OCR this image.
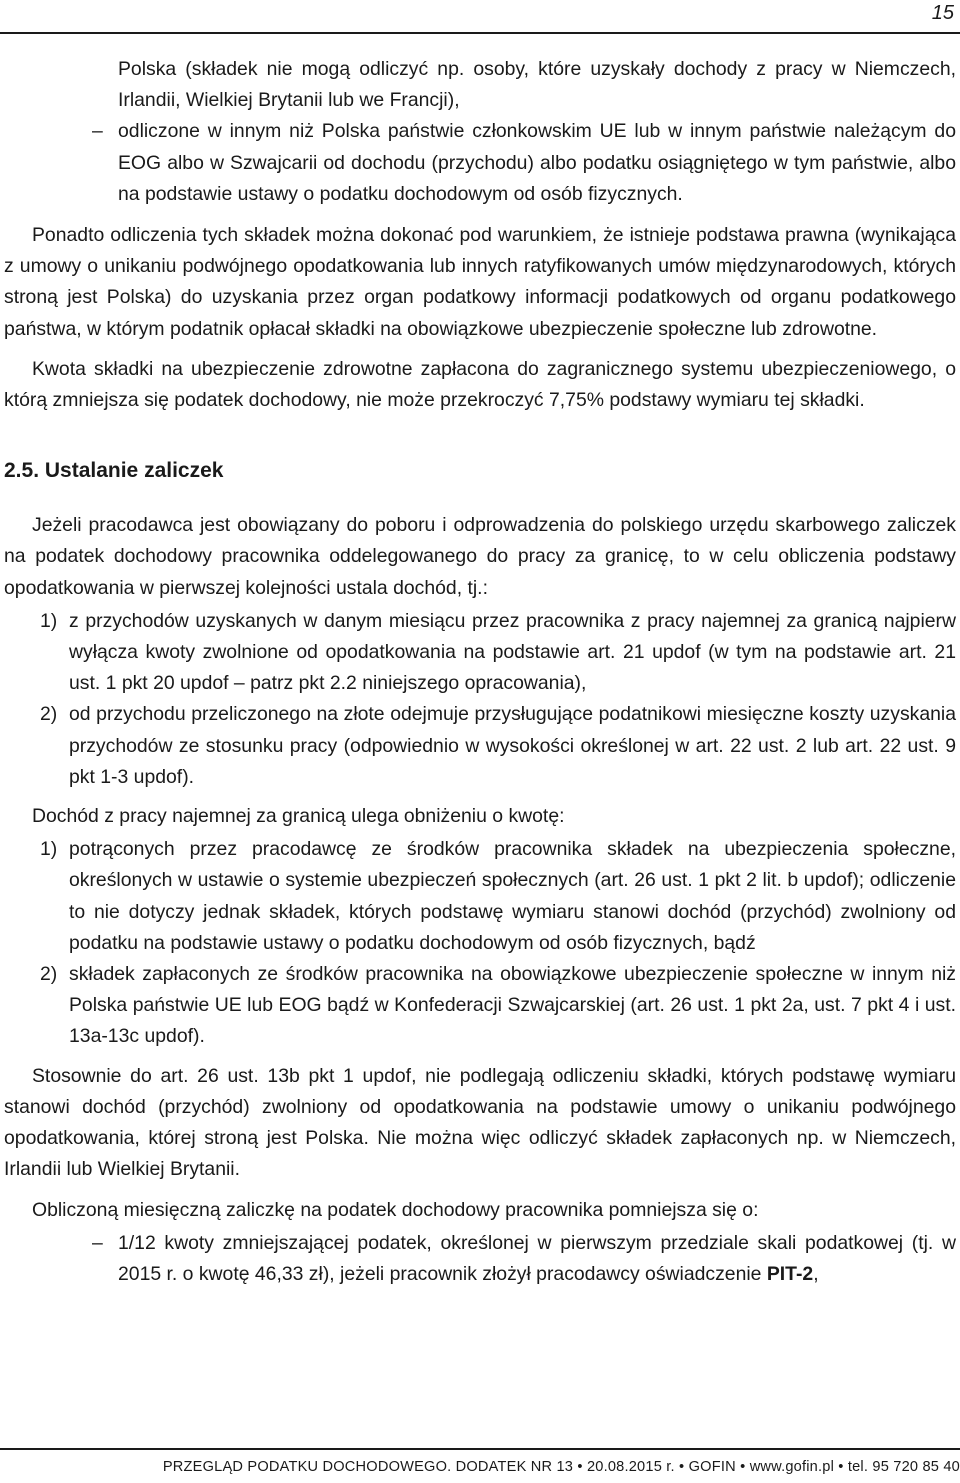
15

Polska (składek nie mogą odliczyć np. osoby, które uzyskały dochody z pracy w Niemczech, Irlandii, Wielkiej Brytanii lub we Francji),

– odliczone w innym niż Polska państwie członkowskim UE lub w innym państwie należącym do EOG albo w Szwajcarii od dochodu (przychodu) albo podatku osiągniętego w tym państwie, albo na podstawie ustawy o podatku dochodowym od osób fizycznych.

Ponadto odliczenia tych składek można dokonać pod warunkiem, że istnieje podstawa prawna (wynikająca z umowy o unikaniu podwójnego opodatkowania lub innych ratyfikowanych umów międzynarodowych, których stroną jest Polska) do uzyskania przez organ podatkowy informacji podatkowych od organu podatkowego państwa, w którym podatnik opłacał składki na obowiązkowe ubezpieczenie społeczne lub zdrowotne.

Kwota składki na ubezpieczenie zdrowotne zapłacona do zagranicznego systemu ubezpieczeniowego, o którą zmniejsza się podatek dochodowy, nie może przekroczyć 7,75% podstawy wymiaru tej składki.

2.5. Ustalanie zaliczek

Jeżeli pracodawca jest obowiązany do poboru i odprowadzenia do polskiego urzędu skarbowego zaliczek na podatek dochodowy pracownika oddelegowanego do pracy za granicę, to w celu obliczenia podstawy opodatkowania w pierwszej kolejności ustala dochód, tj.:

1) z przychodów uzyskanych w danym miesiącu przez pracownika z pracy najemnej za granicą najpierw wyłącza kwoty zwolnione od opodatkowania na podstawie art. 21 updof (w tym na podstawie art. 21 ust. 1 pkt 20 updof – patrz pkt 2.2 niniejszego opracowania),
2) od przychodu przeliczonego na złote odejmuje przysługujące podatnikowi miesięczne koszty uzyskania przychodów ze stosunku pracy (odpowiednio w wysokości określonej w art. 22 ust. 2 lub art. 22 ust. 9 pkt 1-3 updof).

Dochód z pracy najemnej za granicą ulega obniżeniu o kwotę:

1) potrąconych przez pracodawcę ze środków pracownika składek na ubezpieczenia społeczne, określonych w ustawie o systemie ubezpieczeń społecznych (art. 26 ust. 1 pkt 2 lit. b updof); odliczenie to nie dotyczy jednak składek, których podstawę wymiaru stanowi dochód (przychód) zwolniony od podatku na podstawie ustawy o podatku dochodowym od osób fizycznych, bądź
2) składek zapłaconych ze środków pracownika na obowiązkowe ubezpieczenie społeczne w innym niż Polska państwie UE lub EOG bądź w Konfederacji Szwajcarskiej (art. 26 ust. 1 pkt 2a, ust. 7 pkt 4 i ust. 13a-13c updof).

Stosownie do art. 26 ust. 13b pkt 1 updof, nie podlegają odliczeniu składki, których podstawę wymiaru stanowi dochód (przychód) zwolniony od opodatkowania na podstawie umowy o unikaniu podwójnego opodatkowania, której stroną jest Polska. Nie można więc odliczyć składek zapłaconych np. w Niemczech, Irlandii lub Wielkiej Brytanii.

Obliczoną miesięczną zaliczkę na podatek dochodowy pracownika pomniejsza się o:

– 1/12 kwoty zmniejszającej podatek, określonej w pierwszym przedziale skali podatkowej (tj. w 2015 r. o kwotę 46,33 zł), jeżeli pracownik złożył pracodawcy oświadczenie PIT-2,

PRZEGLĄD PODATKU DOCHODOWEGO. DODATEK NR 13 • 20.08.2015 r. • GOFIN • www.gofin.pl • tel. 95 720 85 40
